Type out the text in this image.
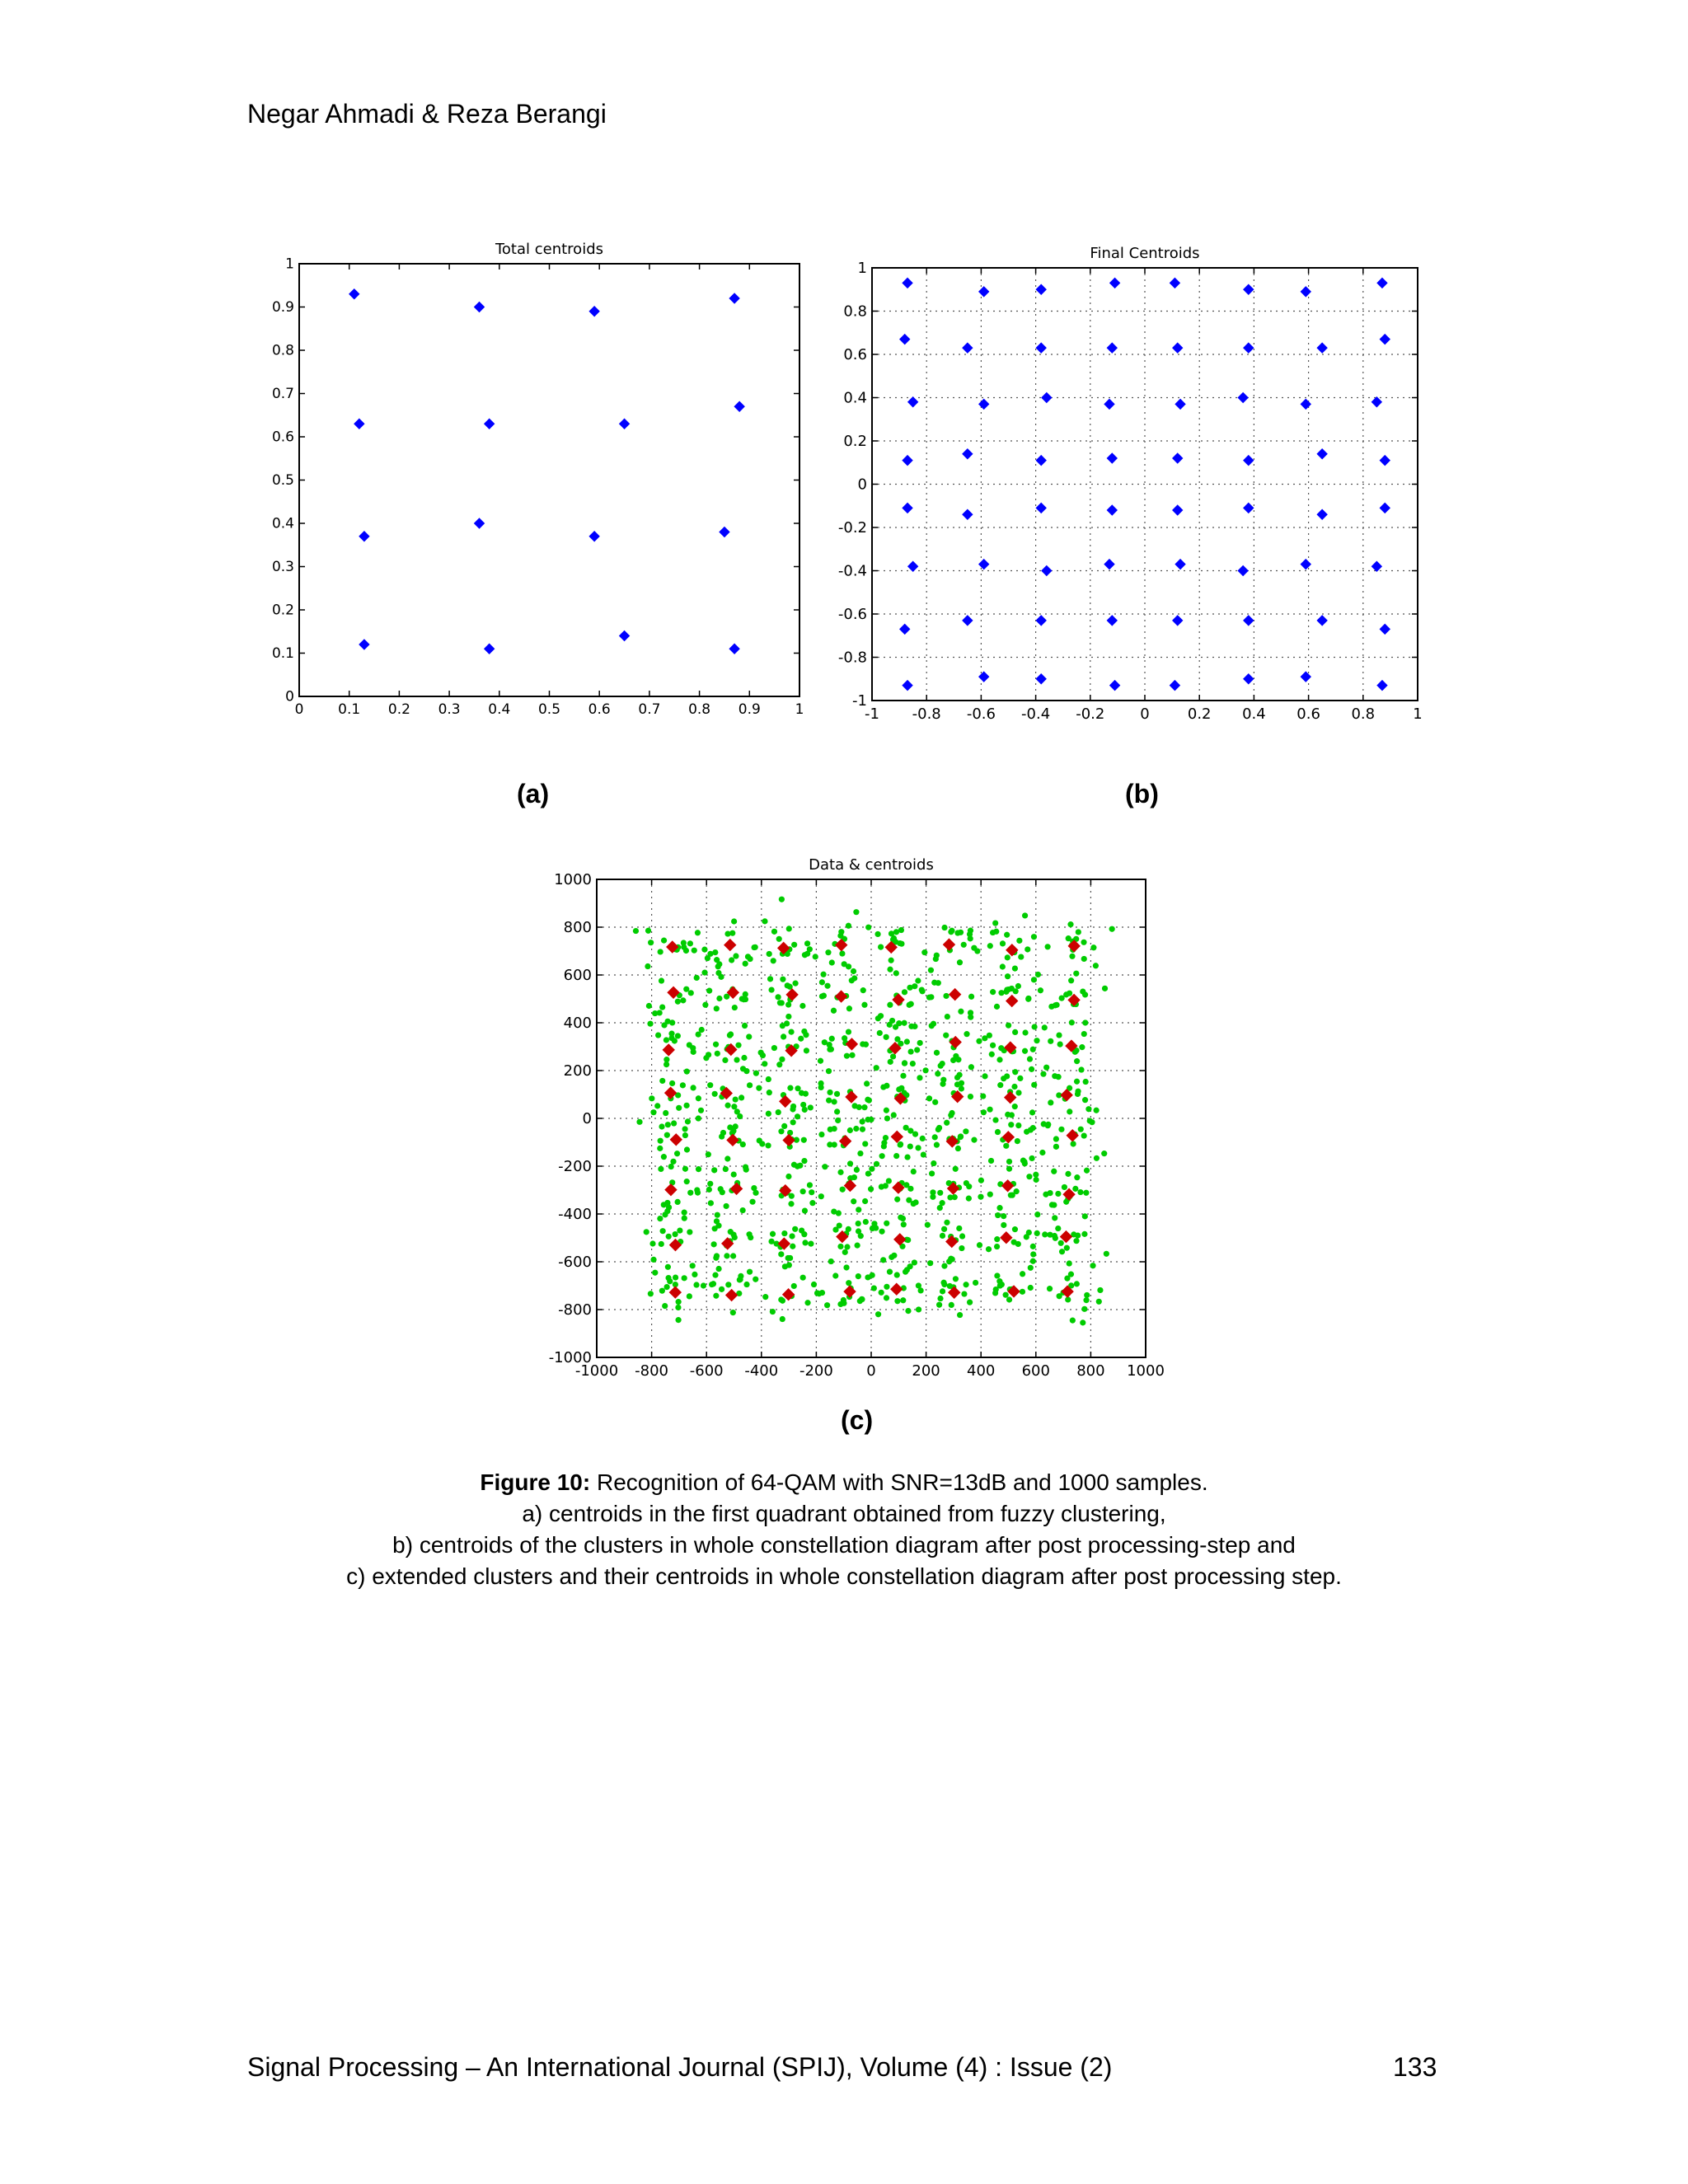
Negar Ahmadi & Reza Berangi
0 0.1 0.2 0.3 0.4 0.5 0.6 0.7 0.8 0.9 1
0
0.1
0.2
0.3
0.4
0.5
0.6
0.7
0.8
0.9
1
Total centroids
-1 -0.8 -0.6 -0.4 -0.2 0	0.2 0.4 0.6 0.8	1
-1
-0.8
-0.6
-0.4
-0.2
0
0.2
0.4
0.6
0.8
1
Final Centroids
(a)	(b)
-1000 -800 -600 -400 -200 0 200 400 600 800 1000
-1000
-800
-600
-400
-200
0
200
400
600
800
1000
Data & centroids
(c)
Figure 10: Recognition of 64-QAM with SNR=13dB and 1000 samples.
a) centroids in the first quadrant obtained from fuzzy clustering,
b) centroids of the clusters in whole constellation diagram after post processing-step and
c) extended clusters and their centroids in whole constellation diagram after post processing step.
Signal Processing – An International Journal (SPIJ), Volume (4) : Issue (2)	133
